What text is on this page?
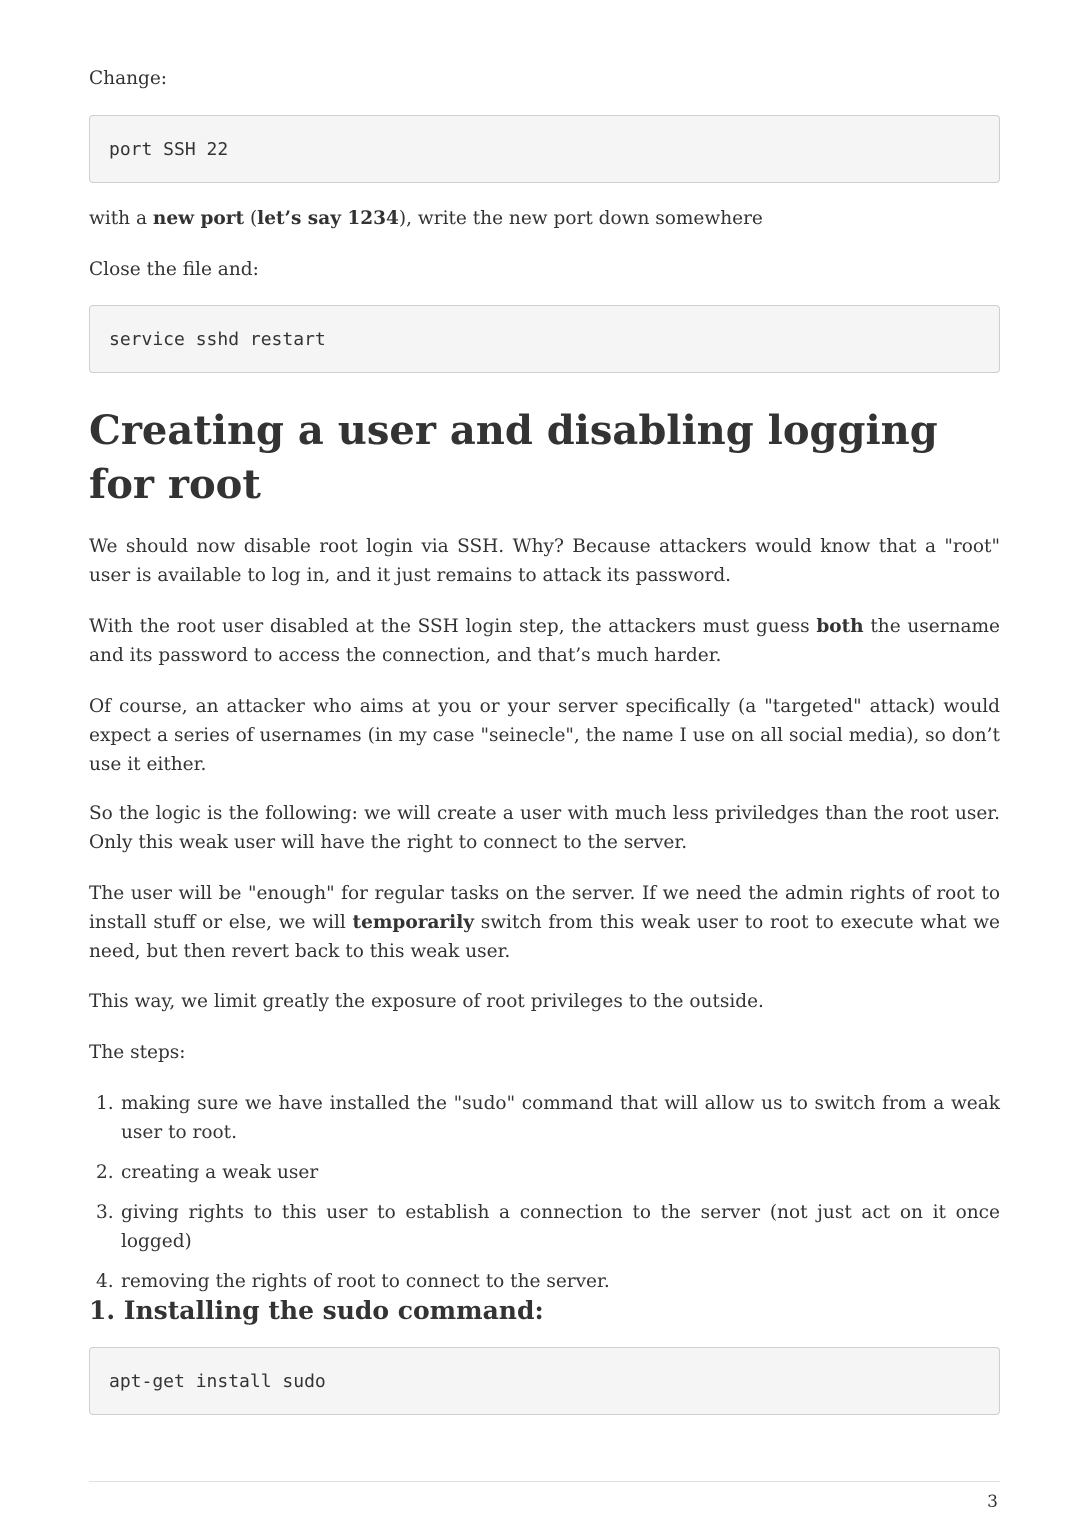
Change:

port SSH 22

with a new port (let’s say 1234), write the new port down somewhere

Close the file and:

service sshd restart
Creating a user and disabling logging for root

We should now disable root login via SSH. Why? Because attackers would know that a "root" user is available to log in, and it just remains to attack its password.

With the root user disabled at the SSH login step, the attackers must guess both the username and its password to access the connection, and that’s much harder.

Of course, an attacker who aims at you or your server specifically (a "targeted" attack) would expect a series of usernames (in my case "seinecle", the name I use on all social media), so don’t use it either.

So the logic is the following: we will create a user with much less priviledges than the root user. Only this weak user will have the right to connect to the server.

The user will be "enough" for regular tasks on the server. If we need the admin rights of root to install stuff or else, we will temporarily switch from this weak user to root to execute what we need, but then revert back to this weak user.

This way, we limit greatly the exposure of root privileges to the outside.

The steps:

1. making sure we have installed the "sudo" command that will allow us to switch from a weak user to root.
2. creating a weak user
3. giving rights to this user to establish a connection to the server (not just act on it once logged)
4. removing the rights of root to connect to the server.
1. Installing the sudo command:
apt-get install sudo
3
